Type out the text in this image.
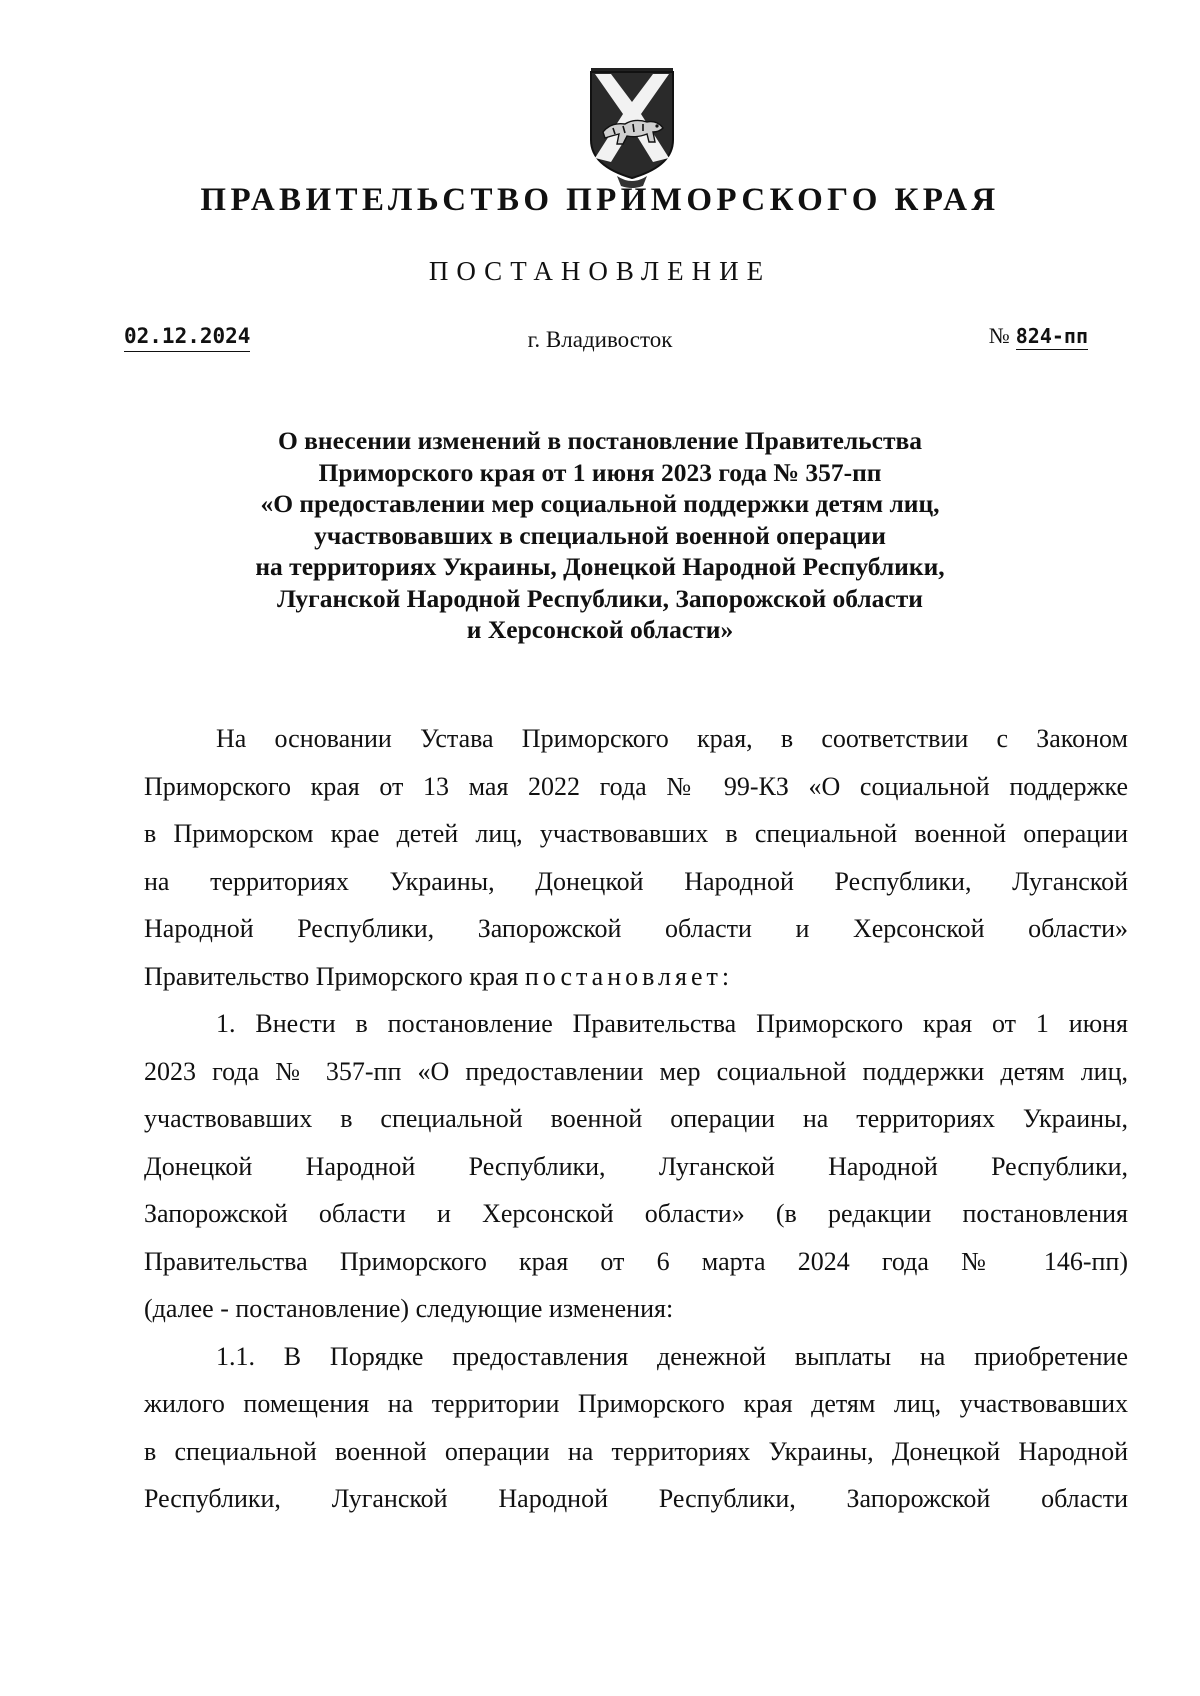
ПРАВИТЕЛЬСТВО ПРИМОРСКОГО КРАЯ
ПОСТАНОВЛЕНИЕ
02.12.2024	г. Владивосток	№ 824-пп
О внесении изменений в постановление Правительства
Приморского края от 1 июня 2023 года № 357-пп
«О предоставлении мер социальной поддержки детям лиц,
участвовавших в специальной военной операции
на территориях Украины, Донецкой Народной Республики,
Луганской Народной Республики, Запорожской области
и Херсонской области»
На основании Устава Приморского края, в соответствии с Законом
Приморского края от 13 мая 2022 года № 99-КЗ «О социальной поддержке
в Приморском крае детей лиц, участвовавших в специальной военной операции
на территориях Украины, Донецкой Народной Республики, Луганской
Народной Республики, Запорожской области и Херсонской области»
Правительство Приморского края постановляет:
1. Внести в постановление Правительства Приморского края от 1 июня
2023 года № 357-пп «О предоставлении мер социальной поддержки детям лиц,
участвовавших в специальной военной операции на территориях Украины,
Донецкой Народной Республики, Луганской Народной Республики,
Запорожской области и Херсонской области» (в редакции постановления
Правительства Приморского края от 6 марта 2024 года № 146-пп)
(далее - постановление) следующие изменения:
1.1. В Порядке предоставления денежной выплаты на приобретение
жилого помещения на территории Приморского края детям лиц, участвовавших
в специальной военной операции на территориях Украины, Донецкой Народной
Республики, Луганской Народной Республики, Запорожской области
